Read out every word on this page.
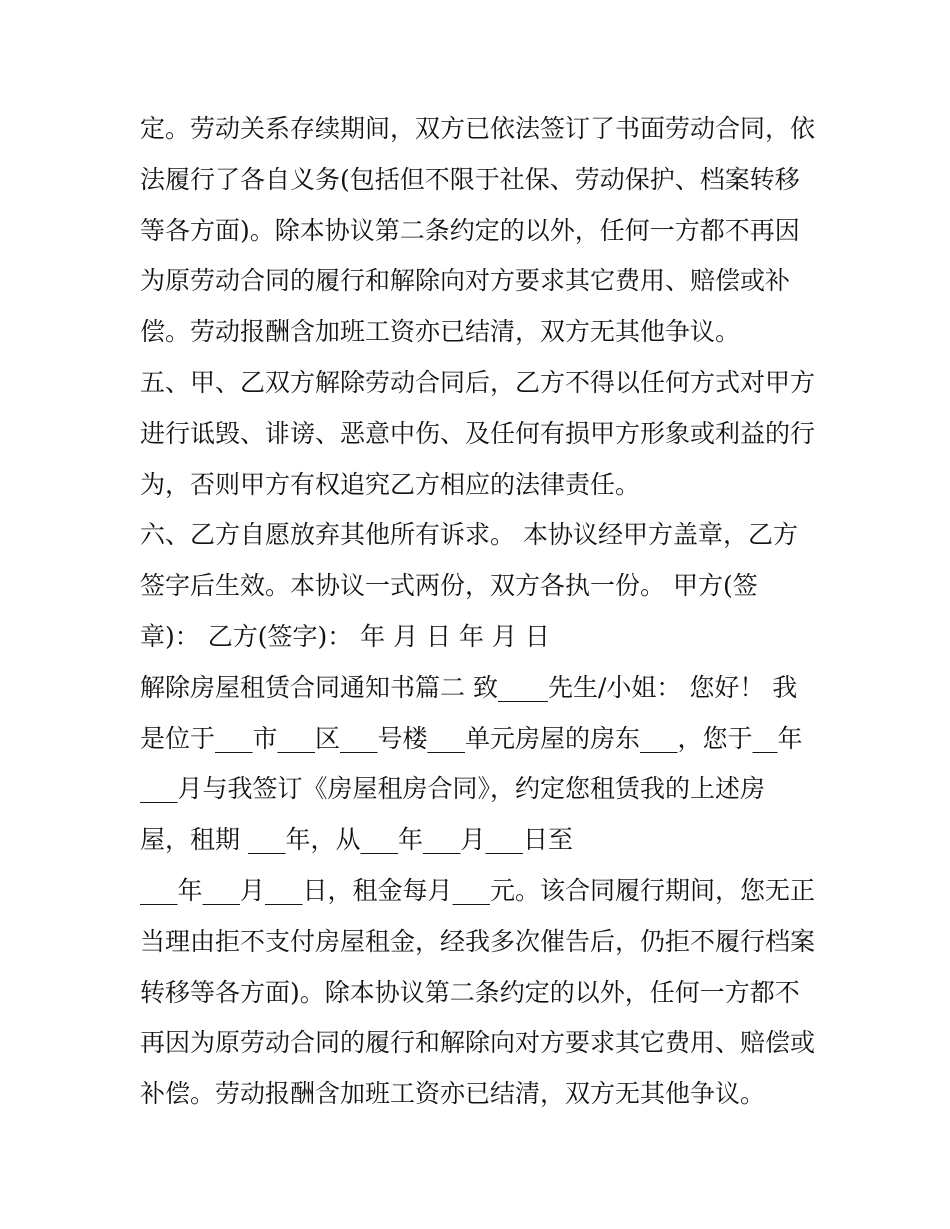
定。劳动关系存续期间，双方已依法签订了书面劳动合同，依
法履行了各自义务(包括但不限于社保、劳动保护、档案转移
等各方面)。除本协议第二条约定的以外，任何一方都不再因
为原劳动合同的履行和解除向对方要求其它费用、赔偿或补
偿。劳动报酬含加班工资亦已结清，双方无其他争议。
五、甲、乙双方解除劳动合同后，乙方不得以任何方式对甲方
进行诋毁、诽谤、恶意中伤、及任何有损甲方形象或利益的行
为，否则甲方有权追究乙方相应的法律责任。
六、乙方自愿放弃其他所有诉求。 本协议经甲方盖章，乙方
签字后生效。本协议一式两份，双方各执一份。 甲方(签
章)： 乙方(签字)： 年 月 日 年 月 日
解除房屋租赁合同通知书篇二 致____先生/小姐： 您好！ 我
是位于___市___区___号楼___单元房屋的房东___，您于__年
___月与我签订《房屋租房合同》，约定您租赁我的上述房
屋，租期 ___年，从___年___月___日至
___年___月___日，租金每月___元。该合同履行期间，您无正
当理由拒不支付房屋租金，经我多次催告后，仍拒不履行档案
转移等各方面)。除本协议第二条约定的以外，任何一方都不
再因为原劳动合同的履行和解除向对方要求其它费用、赔偿或
补偿。劳动报酬含加班工资亦已结清，双方无其他争议。
